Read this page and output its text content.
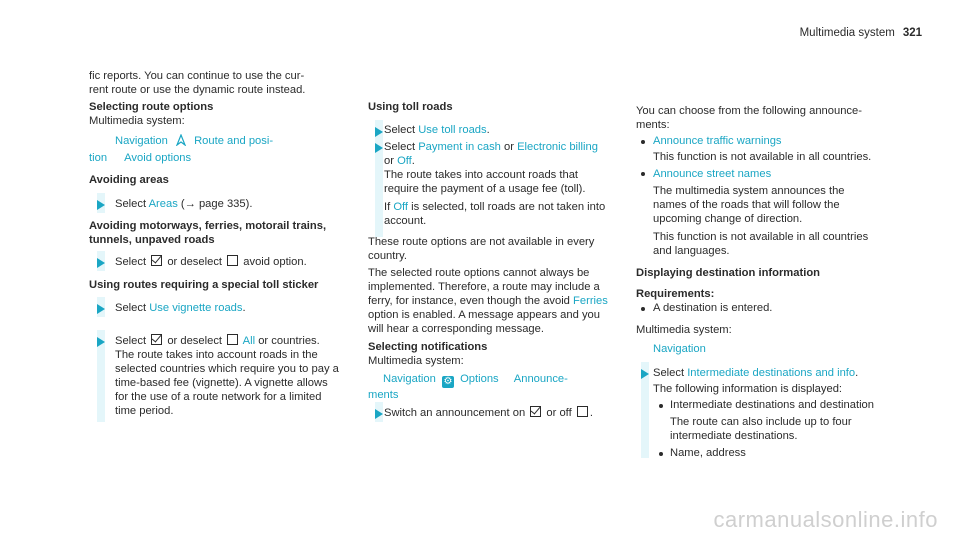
Multimedia system 321
fic reports. You can continue to use the cur-
rent route or use the dynamic route instead.
Selecting route options
Multimedia system:
Navigation Route and posi-
tion Avoid options
Avoiding areas
Select Areas (→ page 335).
Avoiding motorways, ferries, motorail trains,
tunnels, unpaved roads
Select or deselect avoid option.
Using routes requiring a special toll sticker
Select Use vignette roads.
Select or deselect All or countries.
The route takes into account roads in the
selected countries which require you to pay a
time-based fee (vignette). A vignette allows
for the use of a route network for a limited
time period.
Using toll roads
Select Use toll roads.
Select Payment in cash or Electronic billing
or Off.
The route takes into account roads that
require the payment of a usage fee (toll).
If Off is selected, toll roads are not taken into
account.
These route options are not available in every
country.
The selected route options cannot always be
implemented. Therefore, a route may include a
ferry, for instance, even though the avoid Ferries
option is enabled. A message appears and you
will hear a corresponding message.
Selecting notifications
Multimedia system:
Navigation ⚙ Options Announce-
ments
Switch an announcement on or off .
You can choose from the following announce-
ments:
Announce traffic warnings
This function is not available in all countries.
Announce street names
The multimedia system announces the
names of the roads that will follow the
upcoming change of direction.
This function is not available in all countries
and languages.
Displaying destination information
Requirements:
A destination is entered.
Multimedia system:
Navigation
Select Intermediate destinations and info.
The following information is displayed:
Intermediate destinations and destination
The route can also include up to four
intermediate destinations.
Name, address
carmanualsonline.info
